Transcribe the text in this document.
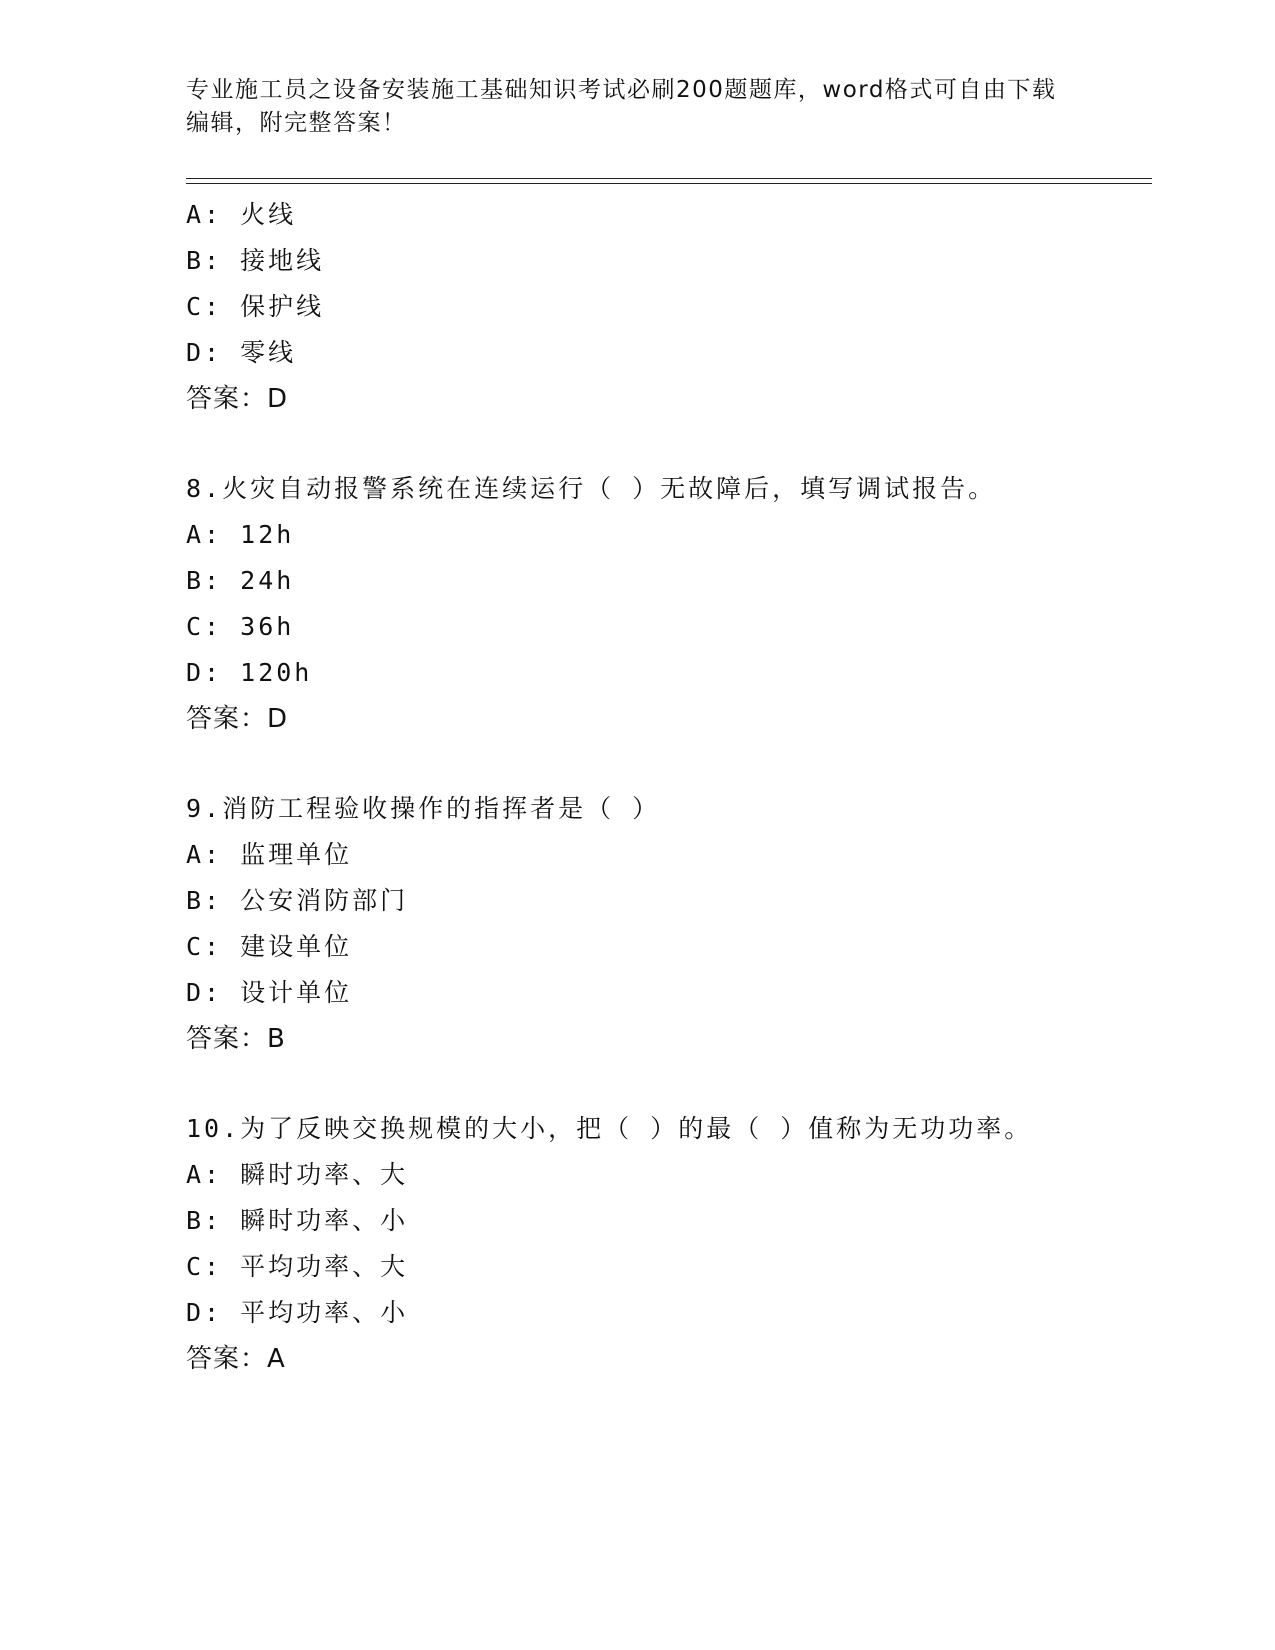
专业施工员之设备安装施工基础知识考试必刷200题题库，word格式可自由下载
编辑，附完整答案！
A: 火线
B: 接地线
C: 保护线
D: 零线
答案：D
8.火灾自动报警系统在连续运行（ ）无故障后，填写调试报告。
A: 12h
B: 24h
C: 36h
D: 120h
答案：D
9.消防工程验收操作的指挥者是（ ）
A: 监理单位
B: 公安消防部门
C: 建设单位
D: 设计单位
答案：B
10.为了反映交换规模的大小，把（ ）的最（ ）值称为无功功率。
A: 瞬时功率、大
B: 瞬时功率、小
C: 平均功率、大
D: 平均功率、小
答案：A
